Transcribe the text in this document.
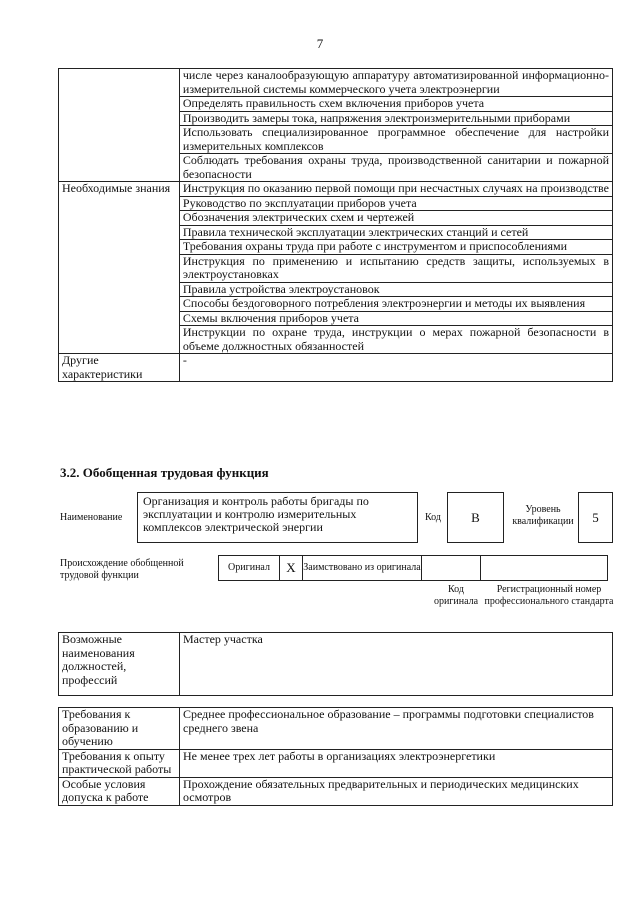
7
	числе через каналообразующую аппаратуру автоматизированной информационно-измерительной системы коммерческого учета электроэнергии
	Определять правильность схем включения приборов учета
	Производить замеры тока, напряжения электроизмерительными приборами
	Использовать специализированное программное обеспечение для настройки измерительных комплексов
	Соблюдать требования охраны труда, производственной санитарии и пожарной безопасности
Необходимые знания	Инструкция по оказанию первой помощи при несчастных случаях на производстве
	Руководство по эксплуатации приборов учета
	Обозначения электрических схем и чертежей
	Правила технической эксплуатации электрических станций и сетей
	Требования охраны труда при работе с инструментом и приспособлениями
	Инструкция по применению и испытанию средств защиты, используемых в электроустановках
	Правила устройства электроустановок
	Способы бездоговорного потребления электроэнергии и методы их выявления
	Схемы включения приборов учета
	Инструкции по охране труда, инструкции о мерах пожарной безопасности в объеме должностных обязанностей
Другие характеристики	-
3.2. Обобщенная трудовая функция
Наименование
Организация и контроль работы бригады по эксплуатации и контролю измерительных комплексов электрической энергии
Код	В
Уровень квалификации	5
Происхождение обобщенной трудовой функции
Оригинал	X	Заимствовано из оригинала		
Код оригинала
Регистрационный номер профессионального стандарта
Возможные наименования должностей, профессий	Мастер участка
Требования к образованию и обучению	Среднее профессиональное образование – программы подготовки специалистов среднего звена
Требования к опыту практической работы	Не менее трех лет работы в организациях электроэнергетики
Особые условия допуска к работе	Прохождение обязательных предварительных и периодических медицинских осмотров
